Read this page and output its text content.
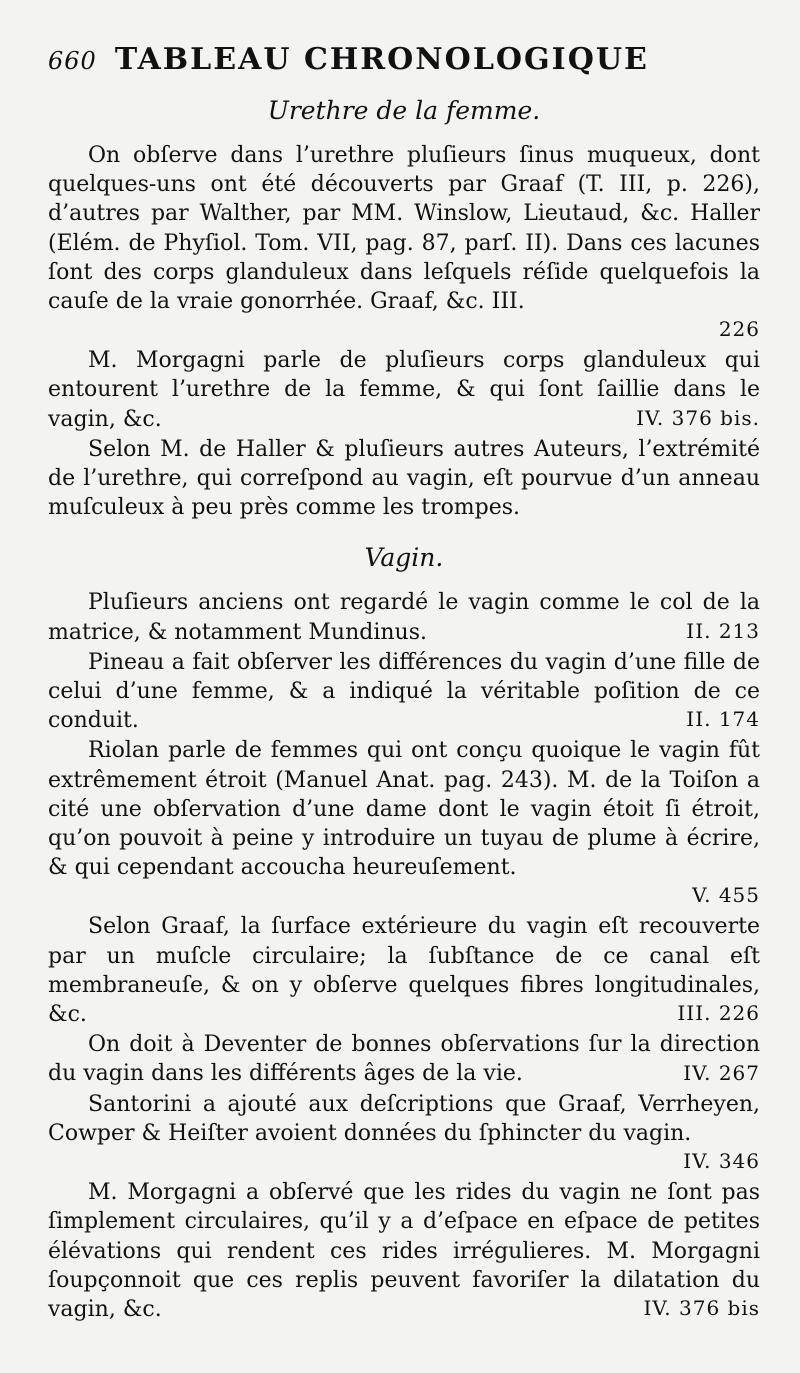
660 TABLEAU CHRONOLOGIQUE
Urethre de la femme.

On obſerve dans l’urethre pluſieurs ſinus muqueux, dont quelques-uns ont été découverts par Graaf (T. III, p. 226), d’autres par Walther, par MM. Winslow, Lieutaud, &c. Haller (Elém. de Phyſiol. Tom. VII, pag. 87, parſ. II). Dans ces lacunes ſont des corps glanduleux dans leſquels réſide quelquefois la cauſe de la vraie gonorrhée. Graaf, &c. III.

226

M. Morgagni parle de pluſieurs corps glanduleux qui entourent l’urethre de la femme, & qui ſont ſaillie dans le vagin, &c.	IV. 376 bis.

Selon M. de Haller & pluſieurs autres Auteurs, l’extrémité de l’urethre, qui correſpond au vagin, eſt pourvue d’un anneau muſculeux à peu près comme les trompes.

Vagin.

Pluſieurs anciens ont regardé le vagin comme le col de la matrice, & notamment Mundinus.	II. 213

Pineau a fait obſerver les différences du vagin d’une fille de celui d’une femme, & a indiqué la véritable poſition de ce conduit.	II. 174

Riolan parle de femmes qui ont conçu quoique le vagin fût extrêmement étroit (Manuel Anat. pag. 243). M. de la Toiſon a cité une obſervation d’une dame dont le vagin étoit ſi étroit, qu’on pouvoit à peine y introduire un tuyau de plume à écrire, & qui cependant accoucha heureuſement.

V. 455

Selon Graaf, la ſurface extérieure du vagin eſt recouverte par un muſcle circulaire; la ſubſtance de ce canal eſt membraneuſe, & on y obſerve quelques fibres longitudinales, &c.	III. 226

On doit à Deventer de bonnes obſervations ſur la direction du vagin dans les différents âges de la vie.	IV. 267

Santorini a ajouté aux deſcriptions que Graaf, Verrheyen, Cowper & Heiſter avoient données du ſphincter du vagin.

IV. 346

M. Morgagni a obſervé que les rides du vagin ne ſont pas ſimplement circulaires, qu’il y a d’eſpace en eſpace de petites élévations qui rendent ces rides irrégulieres. M. Morgagni ſoupçonnoit que ces replis peuvent favoriſer la dilatation du vagin, &c.	IV. 376 bis
